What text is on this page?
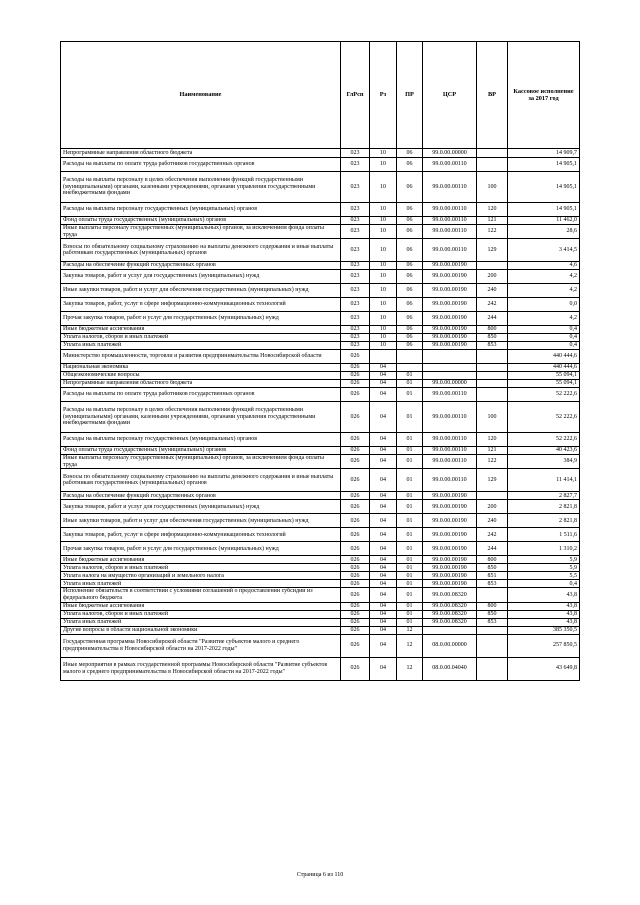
Наименование	ГлРсп	Рз	ПР	ЦСР	ВР	Кассовое исполнение за 2017 год
Непрограммные направления областного бюджета	023	10	06	99.0.00.00000		14 909,7
Расходы на выплаты по оплате труда работников государственных органов	023	10	06	99.0.00.00110		14 905,1
Расходы на выплаты персоналу в целях обеспечения выполнения функций государственными (муниципальными) органами, казенными учреждениями, органами управления государственными внебюджетными фондами	023	10	06	99.0.00.00110	100	14 905,1
Расходы на выплаты персоналу государственных (муниципальных) органов	023	10	06	99.0.00.00110	120	14 905,1
Фонд оплаты труда государственных (муниципальных) органов	023	10	06	99.0.00.00110	121	11 462,0
Иные выплаты персоналу государственных (муниципальных) органов, за исключением фонда оплаты труда	023	10	06	99.0.00.00110	122	28,6
Взносы по обязательному социальному страхованию на выплаты денежного содержания и иные выплаты работникам государственных (муниципальных) органов	023	10	06	99.0.00.00110	129	3 414,5
Расходы на обеспечение функций государственных органов	023	10	06	99.0.00.00190		4,6
Закупка товаров, работ и услуг для государственных (муниципальных) нужд	023	10	06	99.0.00.00190	200	4,2
Иные закупки товаров, работ и услуг для обеспечения государственных (муниципальных) нужд	023	10	06	99.0.00.00190	240	4,2
Закупка товаров, работ, услуг в сфере информационно-коммуникационных технологий	023	10	06	99.0.00.00190	242	0,0
Прочая закупка товаров, работ и услуг для государственных (муниципальных) нужд	023	10	06	99.0.00.00190	244	4,2
Иные бюджетные ассигнования	023	10	06	99.0.00.00190	800	0,4
Уплата налогов, сборов и иных платежей	023	10	06	99.0.00.00190	850	0,4
Уплата иных платежей	023	10	06	99.0.00.00190	853	0,4
Министерство промышленности, торговли и развития предпринимательства Новосибирской области	026					440 444,6
Национальная экономика	026	04				440 444,6
Общеэкономические вопросы	026	04	01			55 094,1
Непрограммные направления областного бюджета	026	04	01	99.0.00.00000		55 094,1
Расходы на выплаты по оплате труда работников государственных органов	026	04	01	99.0.00.00110		52 222,6
Расходы на выплаты персоналу в целях обеспечения выполнения функций государственными (муниципальными) органами, казенными учреждениями, органами управления государственными внебюджетными фондами	026	04	01	99.0.00.00110	100	52 222,6
Расходы на выплаты персоналу государственных (муниципальных) органов	026	04	01	99.0.00.00110	120	52 222,6
Фонд оплаты труда государственных (муниципальных) органов	026	04	01	99.0.00.00110	121	40 423,6
Иные выплаты персоналу государственных (муниципальных) органов, за исключением фонда оплаты труда	026	04	01	99.0.00.00110	122	384,9
Взносы по обязательному социальному страхованию на выплаты денежного содержания и иные выплаты работникам государственных (муниципальных) органов	026	04	01	99.0.00.00110	129	11 414,1
Расходы на обеспечение функций государственных органов	026	04	01	99.0.00.00190		2 827,7
Закупка товаров, работ и услуг для государственных (муниципальных) нужд	026	04	01	99.0.00.00190	200	2 821,8
Иные закупки товаров, работ и услуг для обеспечения государственных (муниципальных) нужд	026	04	01	99.0.00.00190	240	2 821,8
Закупка товаров, работ, услуг в сфере информационно-коммуникационных технологий	026	04	01	99.0.00.00190	242	1 511,6
Прочая закупка товаров, работ и услуг для государственных (муниципальных) нужд	026	04	01	99.0.00.00190	244	1 310,2
Иные бюджетные ассигнования	026	04	01	99.0.00.00190	800	5,9
Уплата налогов, сборов и иных платежей	026	04	01	99.0.00.00190	850	5,9
Уплата налога на имущество организаций и земельного налога	026	04	01	99.0.00.00190	851	5,5
Уплата иных платежей	026	04	01	99.0.00.00190	853	0,4
Исполнение обязательств в соответствии с условиями соглашений о предоставлении субсидии из федерального бюджета	026	04	01	99.0.00.08320		43,8
Иные бюджетные ассигнования	026	04	01	99.0.00.08320	800	43,8
Уплата налогов, сборов и иных платежей	026	04	01	99.0.00.08320	850	43,8
Уплата иных платежей	026	04	01	99.0.00.08320	853	43,8
Другие вопросы в области национальной экономики	026	04	12			385 350,5
Государственная программа Новосибирской области "Развитие субъектов малого и среднего предпринимательства в Новосибирской области на 2017-2022 годы"	026	04	12	08.0.00.00000		257 850,5
Иные мероприятия в рамках государственной программы Новосибирской области "Развитие субъектов малого и среднего предпринимательства в Новосибирской области на 2017-2022 годы"	026	04	12	08.0.00.04040		43 649,8
Страница 6 из 110
